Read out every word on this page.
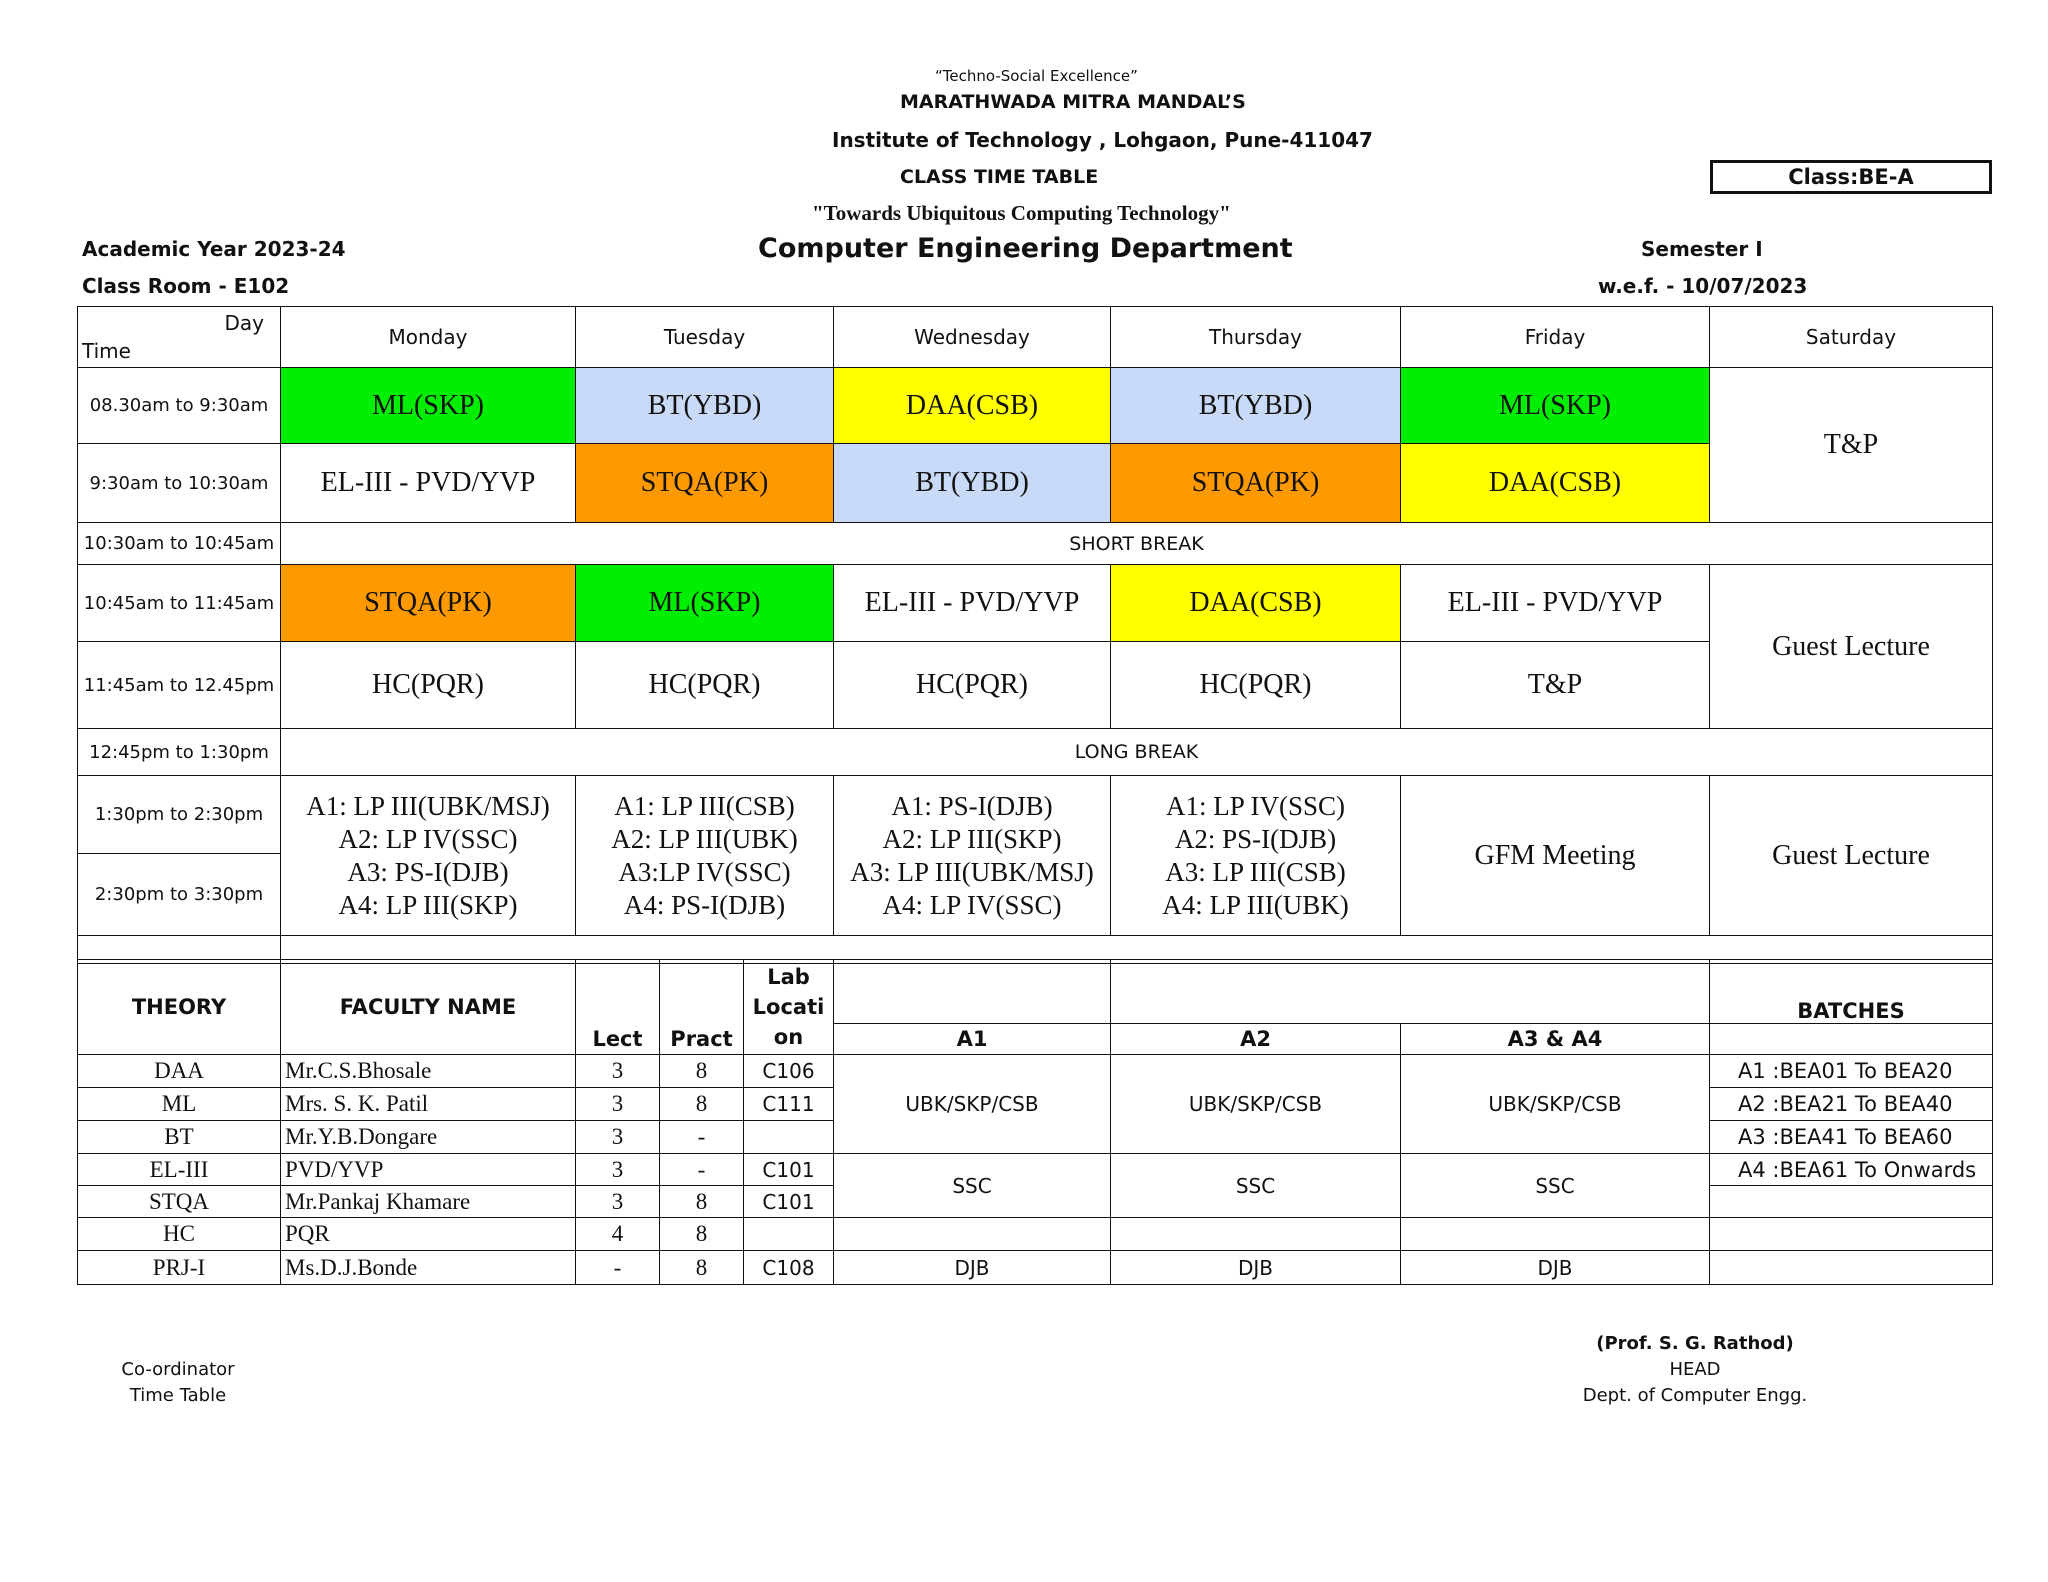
“Techno-Social Excellence”
MARATHWADA MITRA MANDAL’S
Institute of Technology , Lohgaon, Pune-411047
CLASS TIME TABLE	Class:BE-A
"Towards Ubiquitous Computing Technology"
Academic Year 2023-24	Computer Engineering Department	Semester I
Class Room - E102	w.e.f. - 10/07/2023
Day
Time	Monday	Tuesday	Wednesday	Thursday	Friday	Saturday
08.30am to 9:30am	ML(SKP)	BT(YBD)	DAA(CSB)	BT(YBD)	ML(SKP)	T&P
9:30am to 10:30am	EL-III - PVD/YVP	STQA(PK)	BT(YBD)	STQA(PK)	DAA(CSB)	
10:30am to 10:45am	SHORT BREAK					
10:45am to 11:45am	STQA(PK)	ML(SKP)	EL-III - PVD/YVP	DAA(CSB)	EL-III - PVD/YVP	Guest Lecture
11:45am to 12.45pm	HC(PQR)	HC(PQR)	HC(PQR)	HC(PQR)	T&P	
12:45pm to 1:30pm	LONG BREAK					
1:30pm to 2:30pm	A1: LP III(UBK/MSJ)
A2: LP IV(SSC)
A3: PS-I(DJB)
A4: LP III(SKP)	A1: LP III(CSB)
A2: LP III(UBK)
A3:LP IV(SSC)
A4: PS-I(DJB)	A1: PS-I(DJB)
A2: LP III(SKP)
A3: LP III(UBK/MSJ)
A4: LP IV(SSC)	A1: LP IV(SSC)
A2: PS-I(DJB)
A3: LP III(CSB)
A4: LP III(UBK)	GFM Meeting	Guest Lecture
2:30pm to 3:30pm						

THEORY	FACULTY NAME			Lab Locati on				BATCHES
		Lect	Pract		A1	A2	A3 & A4	
DAA	Mr.C.S.Bhosale	3	8	C106	UBK/SKP/CSB	UBK/SKP/CSB	UBK/SKP/CSB	A1 :BEA01 To BEA20
ML	Mrs. S. K. Patil	3	8	C111				A2 :BEA21 To BEA40
BT	Mr.Y.B.Dongare	3	-					A3 :BEA41 To BEA60
EL-III	PVD/YVP	3	-	C101	SSC	SSC	SSC	A4 :BEA61 To Onwards
STQA	Mr.Pankaj Khamare	3	8	C101				
HC	PQR	4	8					
PRJ-I	Ms.D.J.Bonde	-	8	C108	DJB	DJB	DJB	
Co-ordinator
Time Table
(Prof. S. G. Rathod)
HEAD
Dept. of Computer Engg.
